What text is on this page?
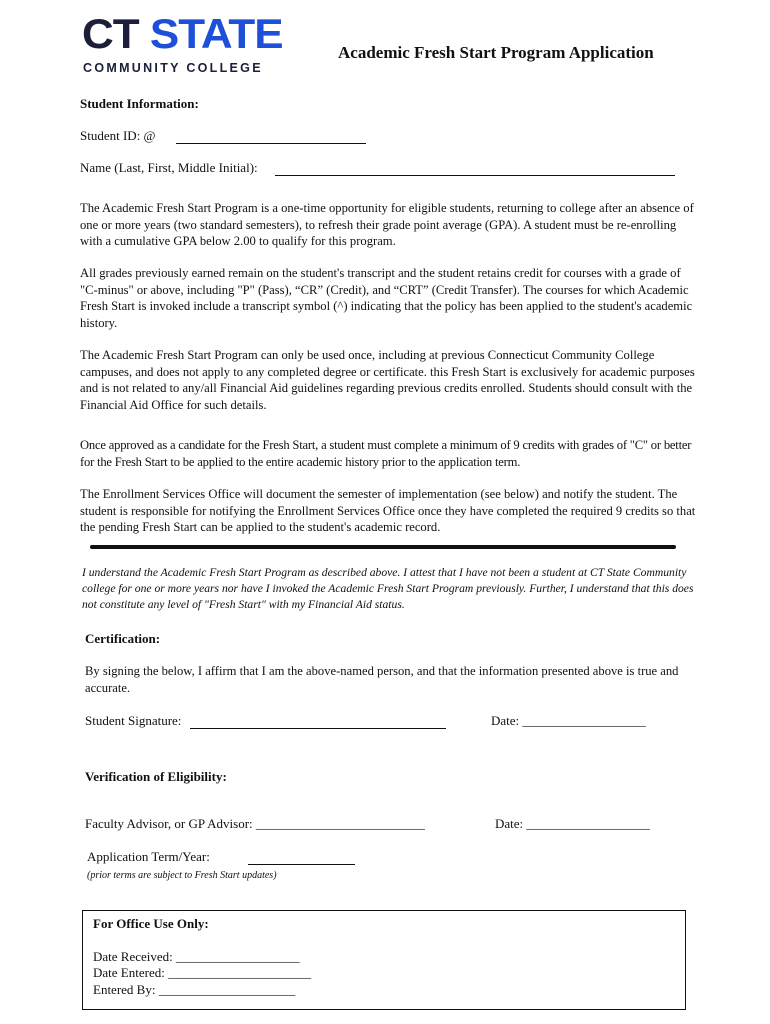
CT STATE
COMMUNITY COLLEGE
Academic Fresh Start Program Application
Student Information:
Student ID: @
Name (Last, First, Middle Initial):
The Academic Fresh Start Program is a one-time opportunity for eligible students, returning to college after an absence of one or more years (two standard semesters), to refresh their grade point average (GPA). A student must be re-enrolling with a cumulative GPA below 2.00 to qualify for this program.
All grades previously earned remain on the student's transcript and the student retains credit for courses with a grade of "C-minus" or above, including "P" (Pass), “CR” (Credit), and “CRT” (Credit Transfer). The courses for which Academic Fresh Start is invoked include a transcript symbol (^) indicating that the policy has been applied to the student's academic history.
The Academic Fresh Start Program can only be used once, including at previous Connecticut Community College campuses, and does not apply to any completed degree or certificate. this Fresh Start is exclusively for academic purposes and is not related to any/all Financial Aid guidelines regarding previous credits enrolled. Students should consult with the Financial Aid Office for such details.
Once approved as a candidate for the Fresh Start, a student must complete a minimum of 9 credits with grades of "C" or better for the Fresh Start to be applied to the entire academic history prior to the application term.
The Enrollment Services Office will document the semester of implementation (see below) and notify the student. The student is responsible for notifying the Enrollment Services Office once they have completed the required 9 credits so that the pending Fresh Start can be applied to the student's academic record.
I understand the Academic Fresh Start Program as described above. I attest that I have not been a student at CT State Community college for one or more years nor have I invoked the Academic Fresh Start Program previously. Further, I understand that this does not constitute any level of "Fresh Start" with my Financial Aid status.
Certification:
By signing the below, I affirm that I am the above-named person, and that the information presented above is true and accurate.
Student Signature:	Date: ___________________
Verification of Eligibility:
Faculty Advisor, or GP Advisor: __________________________	Date: ___________________
Application Term/Year:
(prior terms are subject to Fresh Start updates)
For Office Use Only:
Date Received: ___________________
Date Entered: ______________________
Entered By: _____________________
